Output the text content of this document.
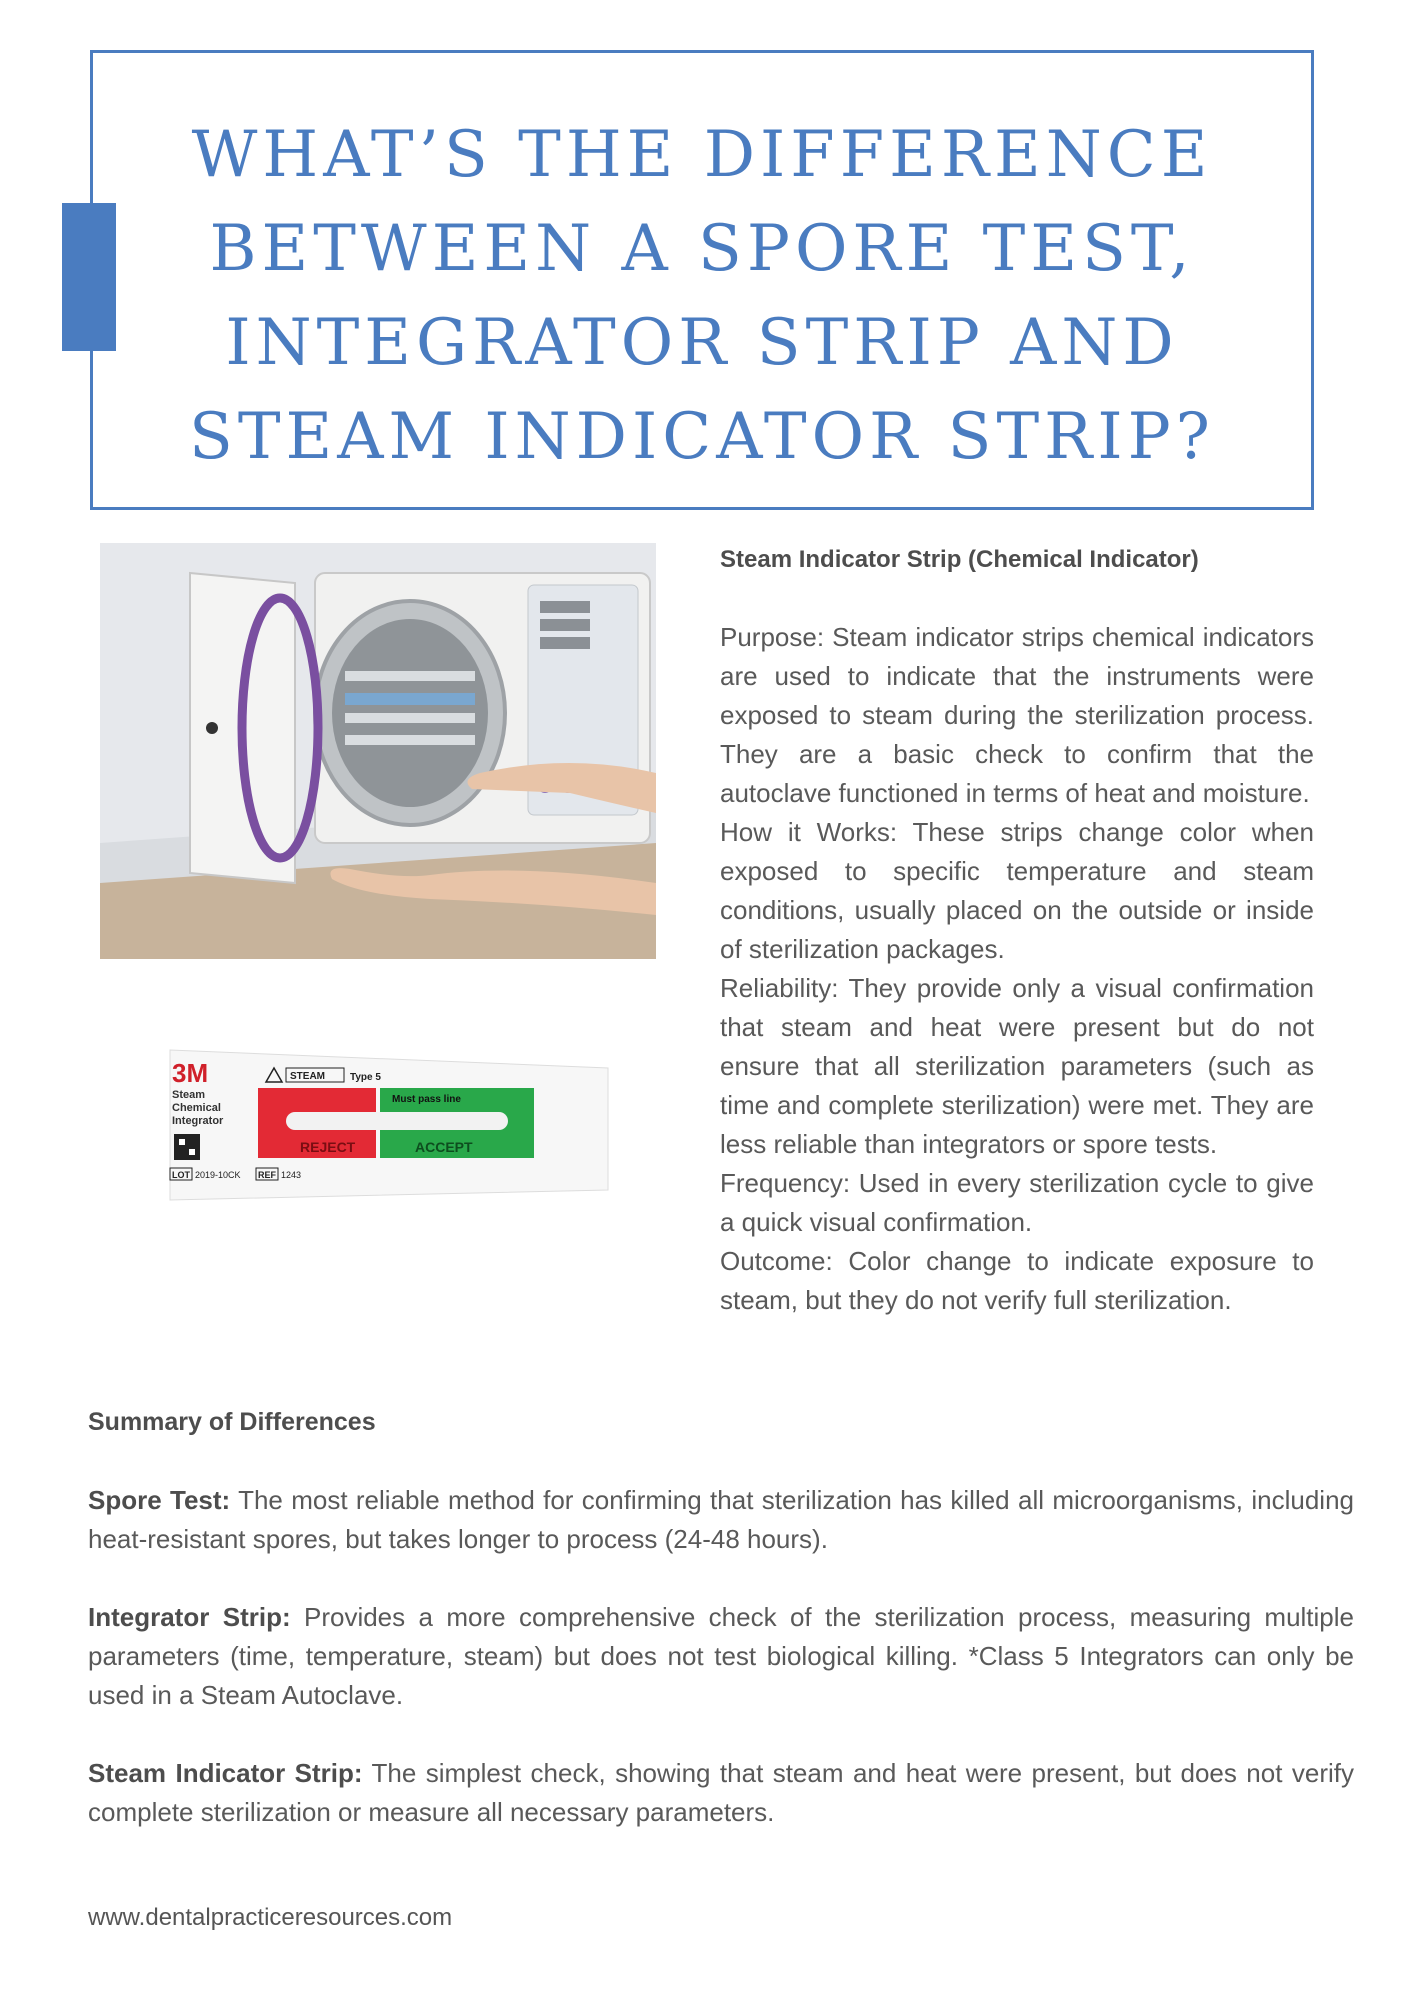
WHAT’S THE DIFFERENCE BETWEEN A SPORE TEST, INTEGRATOR STRIP AND STEAM INDICATOR STRIP?
3M
Steam
Chemical
Integrator
STEAM	Type 5
Must pass line
REJECT	ACCEPT
LOT 2019-10CK REF 1243
Steam Indicator Strip (Chemical Indicator)

Purpose: Steam indicator strips chemical indicators are used to indicate that the instruments were exposed to steam during the sterilization process. They are a basic check to confirm that the autoclave functioned in terms of heat and moisture.

How it Works: These strips change color when exposed to specific temperature and steam conditions, usually placed on the outside or inside of sterilization packages.

Reliability: They provide only a visual confirmation that steam and heat were present but do not ensure that all sterilization parameters (such as time and complete sterilization) were met. They are less reliable than integrators or spore tests.

Frequency: Used in every sterilization cycle to give a quick visual confirmation.

Outcome: Color change to indicate exposure to steam, but they do not verify full sterilization.

Summary of Differences

Spore Test: The most reliable method for confirming that sterilization has killed all microorganisms, including heat-resistant spores, but takes longer to process (24-48 hours).

Integrator Strip: Provides a more comprehensive check of the sterilization process, measuring multiple parameters (time, temperature, steam) but does not test biological killing. *Class 5 Integrators can only be used in a Steam Autoclave.

Steam Indicator Strip: The simplest check, showing that steam and heat were present, but does not verify complete sterilization or measure all necessary parameters.

www.dentalpracticeresources.com
